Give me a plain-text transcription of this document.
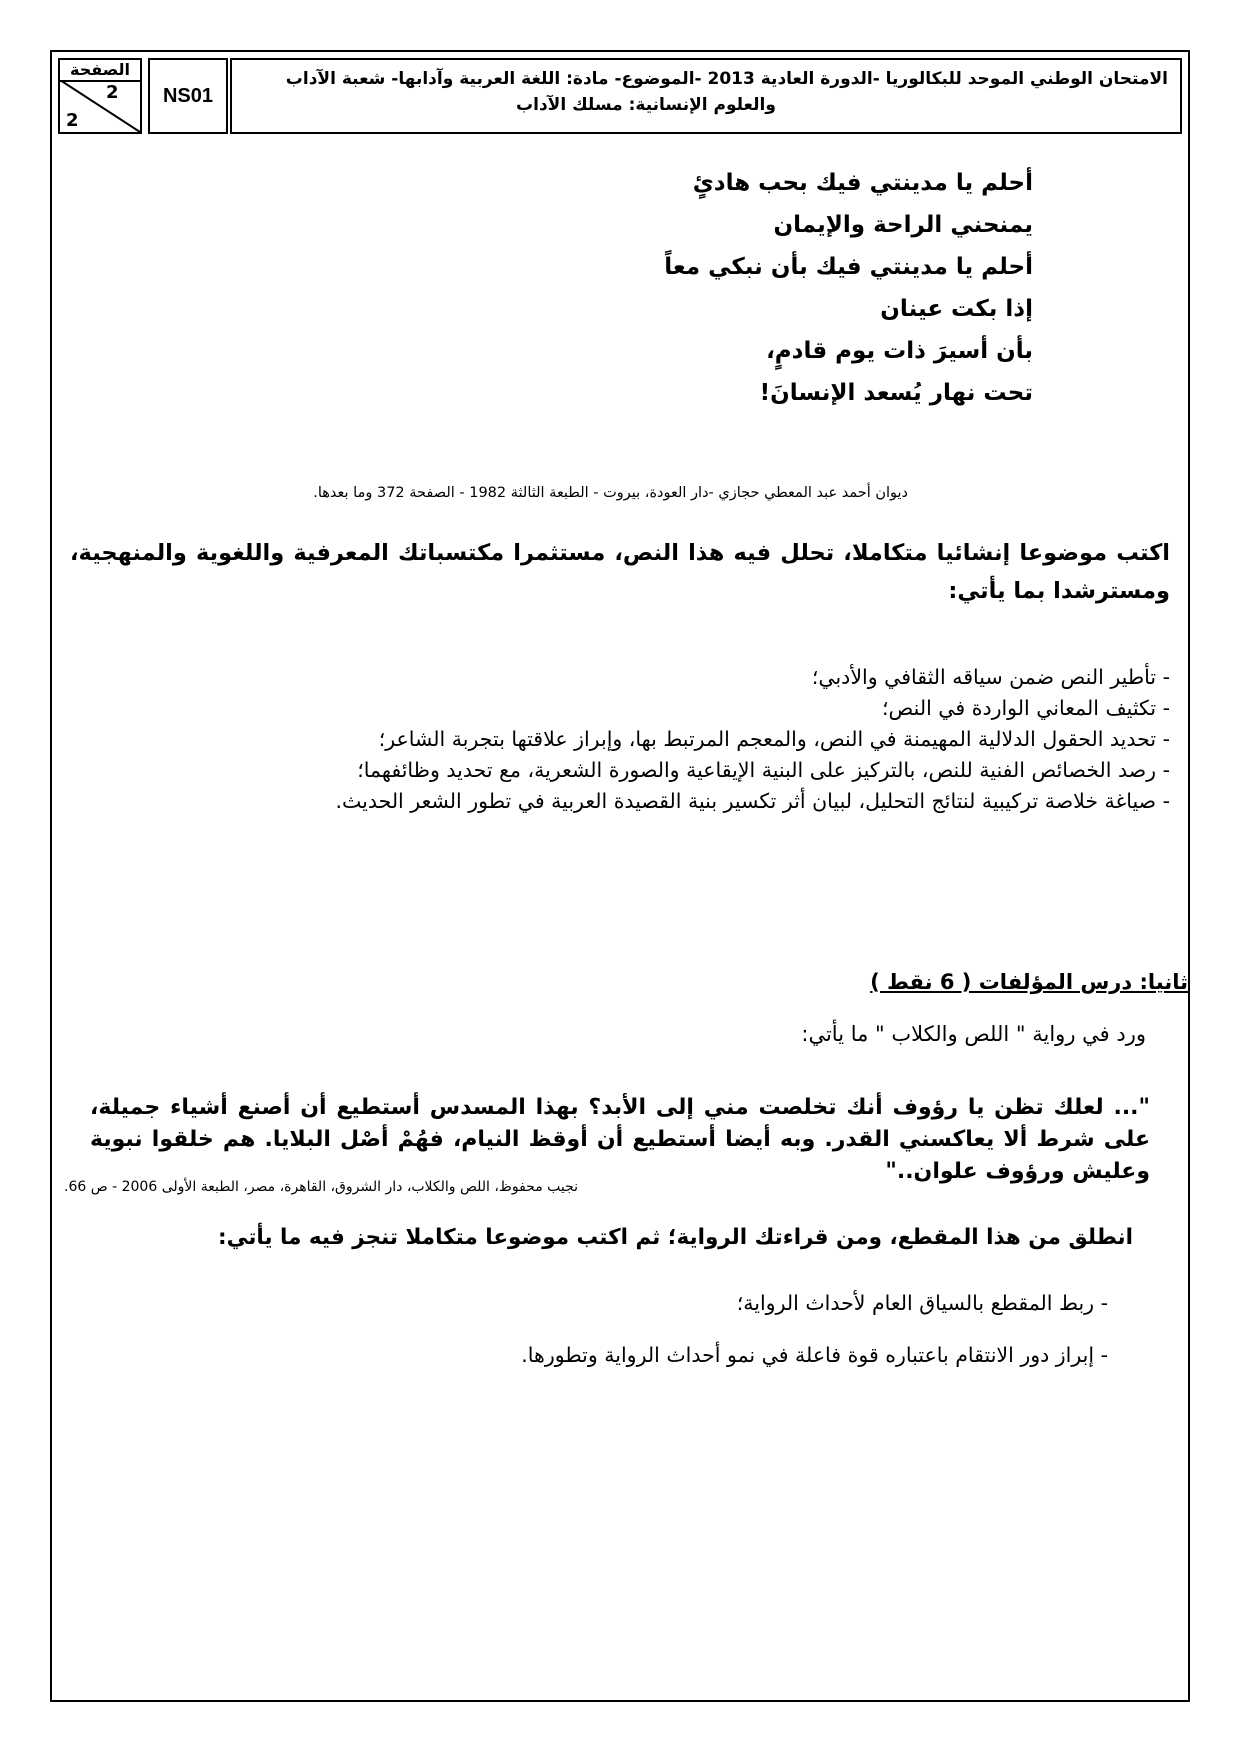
الصفحة
2
2
NS01
الامتحان الوطني الموحد للبكالوريا -الدورة العادية 2013 -الموضوع- مادة: اللغة العربية وآدابها- شعبة الآداب
والعلوم الإنسانية: مسلك الآداب
أحلم يا مدينتي فيك بحب هادئٍ
يمنحني الراحة والإيمان
أحلم يا مدينتي فيك بأن نبكي معاً
إذا بكت عينان
بأن أسيرَ ذات يوم قادمٍ،
تحت نهار يُسعد الإنسانَ!
ديوان أحمد عبد المعطي حجازي -دار العودة، بيروت - الطبعة الثالثة 1982 - الصفحة 372 وما بعدها.
اكتب موضوعا إنشائيا متكاملا، تحلل فيه هذا النص، مستثمرا مكتسباتك المعرفية واللغوية والمنهجية، ومسترشدا بما يأتي:
- تأطير النص ضمن سياقه الثقافي والأدبي؛
- تكثيف المعاني الواردة في النص؛
- تحديد الحقول الدلالية المهيمنة في النص، والمعجم المرتبط بها، وإبراز علاقتها بتجربة الشاعر؛
- رصد الخصائص الفنية للنص، بالتركيز على البنية الإيقاعية والصورة الشعرية، مع تحديد وظائفهما؛
- صياغة خلاصة تركيبية لنتائج التحليل، لبيان أثر تكسير بنية القصيدة العربية في تطور الشعر الحديث.
ثانيا: درس المؤلفات ( 6 نقط )
ورد في رواية " اللص والكلاب " ما يأتي:
"... لعلك تظن يا رؤوف أنك تخلصت مني إلى الأبد؟ بهذا المسدس أستطيع أن أصنع أشياء جميلة، على شرط ألا يعاكسني القدر. وبه أيضا أستطيع أن أوقظ النيام، فهُمْ أصْل البلايا. هم خلقوا نبوية وعليش ورؤوف علوان.."
نجيب محفوظ، اللص والكلاب، دار الشروق، القاهرة، مصر، الطبعة الأولى 2006 - ص 66.
انطلق من هذا المقطع، ومن قراءتك الرواية؛ ثم اكتب موضوعا متكاملا تنجز فيه ما يأتي:
- ربط المقطع بالسياق العام لأحداث الرواية؛
- إبراز دور الانتقام باعتباره قوة فاعلة في نمو أحداث الرواية وتطورها.
